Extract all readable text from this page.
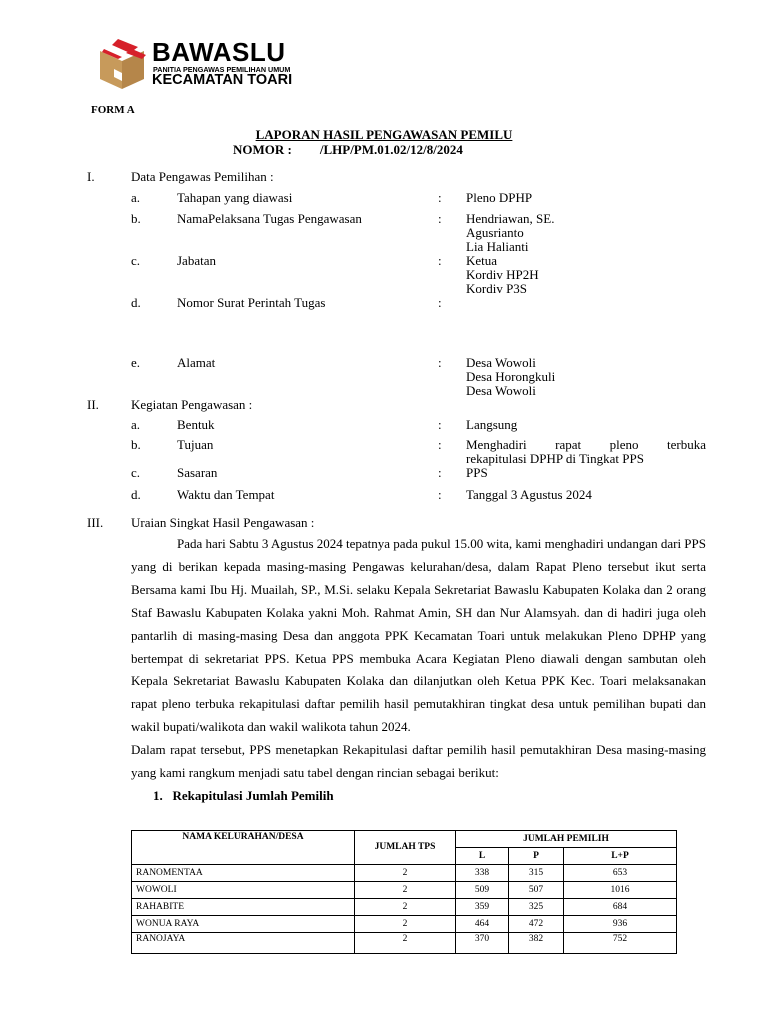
BAWASLU
PANITIA PENGAWAS PEMILIHAN UMUM
KECAMATAN TOARI
FORM A
LAPORAN HASIL PENGAWASAN PEMILU
NOMOR : /LHP/PM.01.02/12/8/2024
I.	Data Pengawas Pemilihan :
a.	Tahapan yang diawasi	: Pleno DPHP
b.	NamaPelaksana Tugas Pengawasan	: Hendriawan, SE.
Agusrianto
Lia Halianti
c.	Jabatan	: Ketua
Kordiv HP2H
Kordiv P3S
d.	Nomor Surat Perintah Tugas	:
e.	Alamat	: Desa Wowoli
Desa Horongkuli
Desa Wowoli
II. Kegiatan Pengawasan :
a.	Bentuk	: Langsung
b.	Tujuan	: Menghadiri rapat pleno terbuka
rekapitulasi DPHP di Tingkat PPS
c.	Sasaran	: PPS
d.	Waktu dan Tempat	: Tanggal 3 Agustus 2024
III. Uraian Singkat Hasil Pengawasan :
Pada hari Sabtu 3 Agustus 2024 tepatnya pada pukul 15.00 wita, kami menghadiri undangan dari PPS yang di berikan kepada masing-masing Pengawas kelurahan/desa, dalam Rapat Pleno tersebut ikut serta Bersama kami Ibu Hj. Muailah, SP., M.Si. selaku Kepala Sekretariat Bawaslu Kabupaten Kolaka dan 2 orang Staf Bawaslu Kabupaten Kolaka yakni Moh. Rahmat Amin, SH dan Nur Alamsyah. dan di hadiri juga oleh pantarlih di masing-masing Desa dan anggota PPK Kecamatan Toari untuk melakukan Pleno DPHP yang bertempat di sekretariat PPS. Ketua PPS membuka Acara Kegiatan Pleno diawali dengan sambutan oleh Kepala Sekretariat Bawaslu Kabupaten Kolaka dan dilanjutkan oleh Ketua PPK Kec. Toari melaksanakan rapat pleno terbuka rekapitulasi daftar pemilih hasil pemutakhiran tingkat desa untuk pemilihan bupati dan wakil bupati/walikota dan wakil walikota tahun 2024.
Dalam rapat tersebut, PPS menetapkan Rekapitulasi daftar pemilih hasil pemutakhiran Desa masing-masing yang kami rangkum menjadi satu tabel dengan rincian sebagai berikut:
1.   Rekapitulasi Jumlah Pemilih
NAMA KELURAHAN/DESA	JUMLAH TPS	JUMLAH PEMILIH		
		L	P	L+P
RANOMENTAA	2	338	315	653
WOWOLI	2	509	507	1016
RAHABITE	2	359	325	684
WONUA RAYA	2	464	472	936
RANOJAYA	2	370	382	752
